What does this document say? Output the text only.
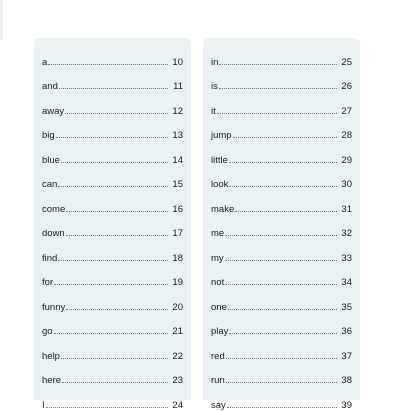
a	10
and	11
away	12
big	13
blue	14
can	15
come	16
down	17
find	18
for	19
funny	20
go	21
help	22
here	23
I	24
in	25
is	26
it	27
jump	28
little	29
look	30
make	31
me	32
my	33
not	34
one	35
play	36
red	37
run	38
say	39
